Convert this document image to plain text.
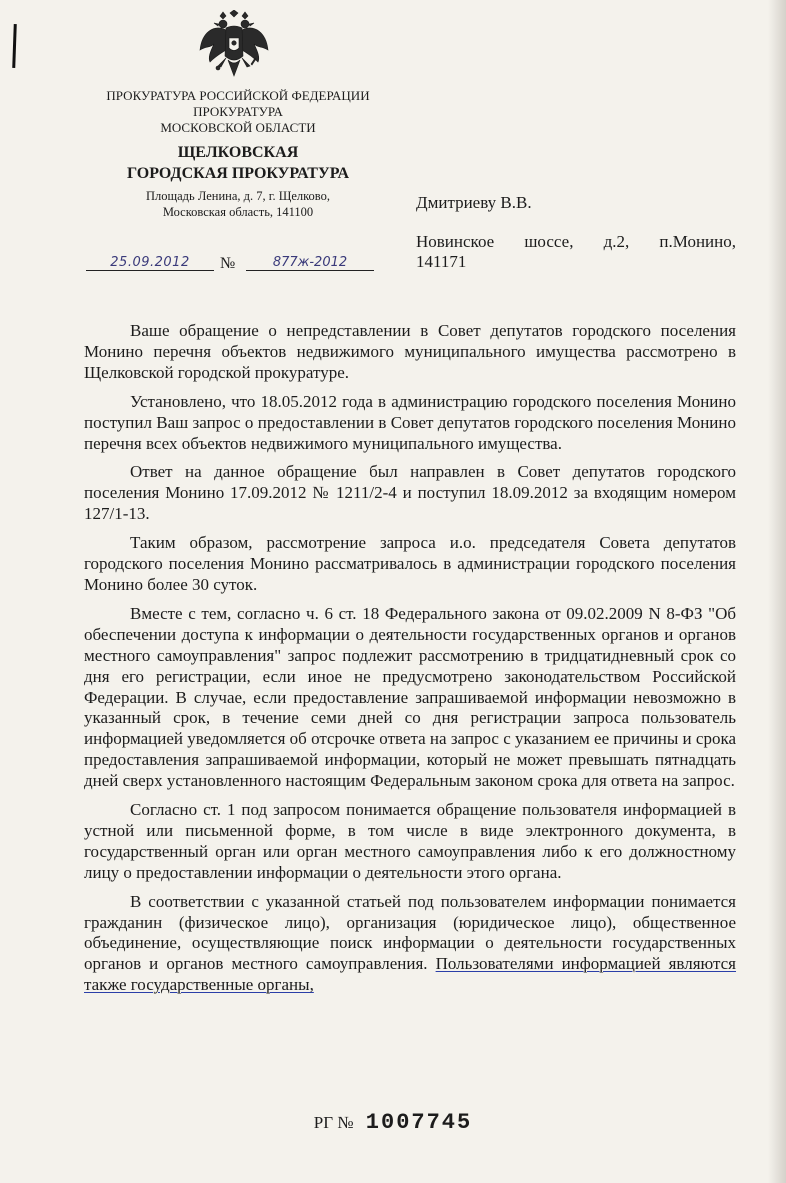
ПРОКУРАТУРА РОССИЙСКОЙ ФЕДЕРАЦИИ
ПРОКУРАТУРА
МОСКОВСКОЙ ОБЛАСТИ
ЩЕЛКОВСКАЯ
ГОРОДСКАЯ ПРОКУРАТУРА
Площадь Ленина, д. 7, г. Щелково,
Московская область, 141100
25.09.2012	№	877ж-2012
Дмитриеву В.В.
Новинское шоссе, д.2, п.Монино,
141171

Ваше обращение о непредставлении в Совет депутатов городского поселения Монино перечня объектов недвижимого муниципального имущества рассмотрено в Щелковской городской прокуратуре.

Установлено, что 18.05.2012 года в администрацию городского поселения Монино поступил Ваш запрос о предоставлении в Совет депутатов городского поселения Монино перечня всех объектов недвижимого муниципального имущества.

Ответ на данное обращение был направлен в Совет депутатов городского поселения Монино 17.09.2012 № 1211/2-4 и поступил 18.09.2012 за входящим номером 127/1-13.

Таким образом, рассмотрение запроса и.о. председателя Совета депутатов городского поселения Монино рассматривалось в администрации городского поселения Монино более 30 суток.

Вместе с тем, согласно ч. 6 ст. 18 Федерального закона от 09.02.2009 N 8-ФЗ "Об обеспечении доступа к информации о деятельности государственных органов и органов местного самоуправления" запрос подлежит рассмотрению в тридцатидневный срок со дня его регистрации, если иное не предусмотрено законодательством Российской Федерации. В случае, если предоставление запрашиваемой информации невозможно в указанный срок, в течение семи дней со дня регистрации запроса пользователь информацией уведомляется об отсрочке ответа на запрос с указанием ее причины и срока предоставления запрашиваемой информации, который не может превышать пятнадцать дней сверх установленного настоящим Федеральным законом срока для ответа на запрос.

Согласно ст. 1 под запросом понимается обращение пользователя информацией в устной или письменной форме, в том числе в виде электронного документа, в государственный орган или орган местного самоуправления либо к его должностному лицу о предоставлении информации о деятельности этого органа.

В соответствии с указанной статьей под пользователем информации понимается гражданин (физическое лицо), организация (юридическое лицо), общественное объединение, осуществляющие поиск информации о деятельности государственных органов и органов местного самоуправления. Пользователями информацией являются также государственные органы,

РГ № 1007745
